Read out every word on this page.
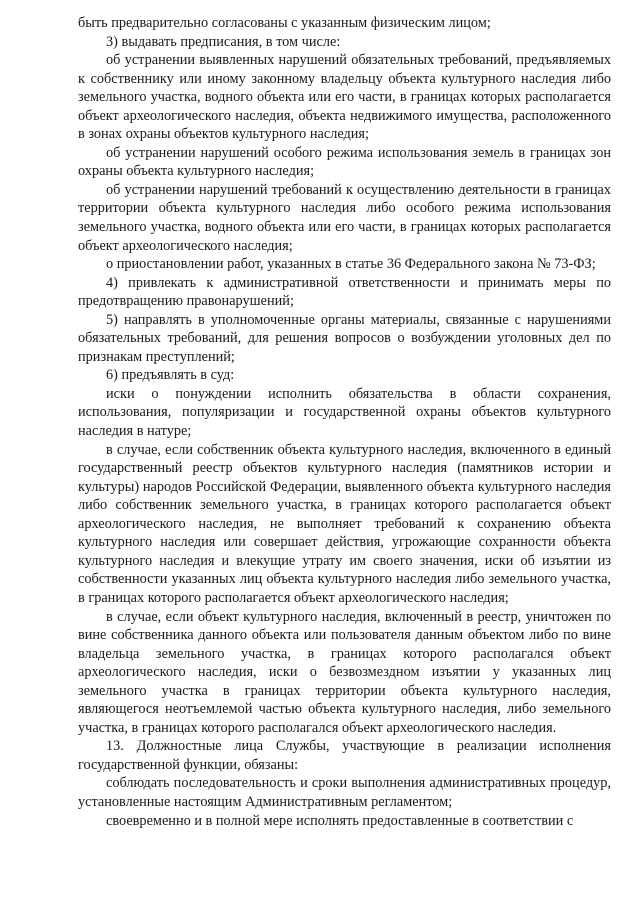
быть предварительно согласованы с указанным физическим лицом;

3) выдавать предписания, в том числе:

об устранении выявленных нарушений обязательных требований, предъявляемых к собственнику или иному законному владельцу объекта культурного наследия либо земельного участка, водного объекта или его части, в границах которых располагается объект археологического наследия, объекта недвижимого имущества, расположенного в зонах охраны объектов культурного наследия;

об устранении нарушений особого режима использования земель в границах зон охраны объекта культурного наследия;

об устранении нарушений требований к осуществлению деятельности в границах территории объекта культурного наследия либо особого режима использования земельного участка, водного объекта или его части, в границах которых располагается объект археологического наследия;

о приостановлении работ, указанных в статье 36 Федерального закона № 73-ФЗ;

4) привлекать к административной ответственности и принимать меры по предотвращению правонарушений;

5) направлять в уполномоченные органы материалы, связанные с нарушениями обязательных требований, для решения вопросов о возбуждении уголовных дел по признакам преступлений;

6) предъявлять в суд:

иски о понуждении исполнить обязательства в области сохранения, использования, популяризации и государственной охраны объектов культурного наследия в натуре;

в случае, если собственник объекта культурного наследия, включенного в единый государственный реестр объектов культурного наследия (памятников истории и культуры) народов Российской Федерации, выявленного объекта культурного наследия либо собственник земельного участка, в границах которого располагается объект археологического наследия, не выполняет требований к сохранению объекта культурного наследия или совершает действия, угрожающие сохранности объекта культурного наследия и влекущие утрату им своего значения, иски об изъятии из собственности указанных лиц объекта культурного наследия либо земельного участка, в границах которого располагается объект археологического наследия;

в случае, если объект культурного наследия, включенный в реестр, уничтожен по вине собственника данного объекта или пользователя данным объектом либо по вине владельца земельного участка, в границах которого располагался объект археологического наследия, иски о безвозмездном изъятии у указанных лиц земельного участка в границах территории объекта культурного наследия, являющегося неотъемлемой частью объекта культурного наследия, либо земельного участка, в границах которого располагался объект археологического наследия.

13. Должностные лица Службы, участвующие в реализации исполнения государственной функции, обязаны:

соблюдать последовательность и сроки выполнения административных процедур, установленные настоящим Административным регламентом;

своевременно и в полной мере исполнять предоставленные в соответствии с
